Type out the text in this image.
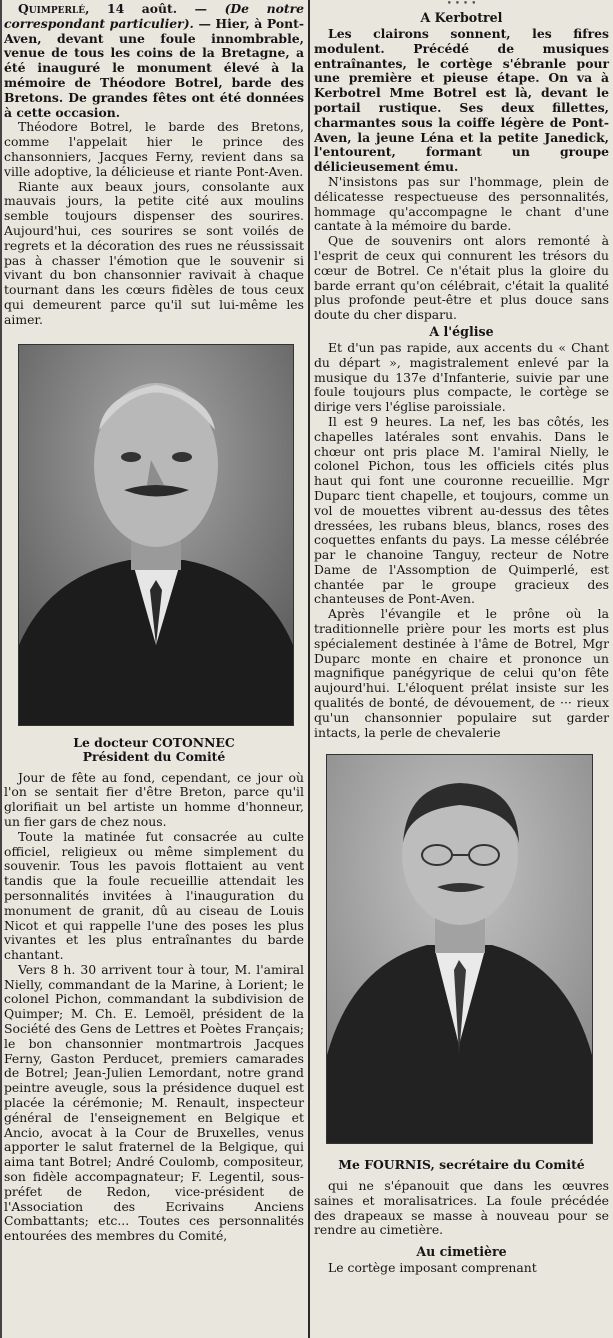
Quimperlé, 14 août. — (De notre correspondant particulier). — Hier, à Pont-Aven, devant une foule innombrable, venue de tous les coins de la Bretagne, a été inauguré le monument élevé à la mémoire de Théodore Botrel, barde des Bretons. De grandes fêtes ont été données à cette occasion.

Théodore Botrel, le barde des Bretons, comme l'appelait hier le prince des chansonniers, Jacques Ferny, revient dans sa ville adoptive, la délicieuse et riante Pont-Aven.

Riante aux beaux jours, consolante aux mauvais jours, la petite cité aux moulins semble toujours dispenser des sourires. Aujourd'hui, ces sourires se sont voilés de regrets et la décoration des rues ne réussissait pas à chasser l'émotion que le souvenir si vivant du bon chansonnier ravivait à chaque tournant dans les cœurs fidèles de tous ceux qui demeurent parce qu'il sut lui-même les aimer.

Le docteur COTONNEC
Président du Comité

Jour de fête au fond, cependant, ce jour où l'on se sentait fier d'être Breton, parce qu'il glorifiait un bel artiste un homme d'honneur, un fier gars de chez nous.

Toute la matinée fut consacrée au culte officiel, religieux ou même simplement du souvenir. Tous les pavois flottaient au vent tandis que la foule recueillie attendait les personnalités invitées à l'inauguration du monument de granit, dû au ciseau de Louis Nicot et qui rappelle l'une des poses les plus vivantes et les plus entraînantes du barde chantant.

Vers 8 h. 30 arrivent tour à tour, M. l'amiral Nielly, commandant de la Marine, à Lorient; le colonel Pichon, commandant la subdivision de Quimper; M. Ch. E. Lemoël, président de la Société des Gens de Lettres et Poètes Français; le bon chansonnier montmartrois Jacques Ferny, Gaston Perducet, premiers camarades de Botrel; Jean-Julien Lemordant, notre grand peintre aveugle, sous la présidence duquel est placée la cérémonie; M. Renault, inspecteur général de l'enseignement en Belgique et Ancio, avocat à la Cour de Bruxelles, venus apporter le salut fraternel de la Belgique, qui aima tant Botrel; André Coulomb, compositeur, son fidèle accompagnateur; F. Legentil, sous-préfet de Redon, vice-président de l'Association des Ecrivains Anciens Combattants; etc... Toutes ces personnalités entourées des membres du Comité,

• • • •
A Kerbotrel

Les clairons sonnent, les fifres modulent. Précédé de musiques entraînantes, le cortège s'ébranle pour une première et pieuse étape. On va à Kerbotrel Mme Botrel est là, devant le portail rustique. Ses deux fillettes, charmantes sous la coiffe légère de Pont-Aven, la jeune Léna et la petite Janedick, l'entourent, formant un groupe délicieusement ému.

N'insistons pas sur l'hommage, plein de délicatesse respectueuse des personnalités, hommage qu'accompagne le chant d'une cantate à la mémoire du barde.

Que de souvenirs ont alors remonté à l'esprit de ceux qui connurent les trésors du cœur de Botrel. Ce n'était plus la gloire du barde errant qu'on célébrait, c'était la qualité plus profonde peut-être et plus douce sans doute du cher disparu.

A l'église

Et d'un pas rapide, aux accents du « Chant du départ », magistralement enlevé par la musique du 137e d'Infanterie, suivie par une foule toujours plus compacte, le cortège se dirige vers l'église paroissiale.

Il est 9 heures. La nef, les bas côtés, les chapelles latérales sont envahis. Dans le chœur ont pris place M. l'amiral Nielly, le colonel Pichon, tous les officiels cités plus haut qui font une couronne recueillie. Mgr Duparc tient chapelle, et toujours, comme un vol de mouettes vibrent au-dessus des têtes dressées, les rubans bleus, blancs, roses des coquettes enfants du pays. La messe célébrée par le chanoine Tanguy, recteur de Notre Dame de l'Assomption de Quimperlé, est chantée par le groupe gracieux des chanteuses de Pont-Aven.

Après l'évangile et le prône où la traditionnelle prière pour les morts est plus spécialement destinée à l'âme de Botrel, Mgr Duparc monte en chaire et prononce un magnifique panégyrique de celui qu'on fête aujourd'hui. L'éloquent prélat insiste sur les qualités de bonté, de dévouement, de ··· rieux qu'un chansonnier populaire sut garder intacts, la perle de chevalerie

Me FOURNIS, secrétaire du Comité

qui ne s'épanouit que dans les œuvres saines et moralisatrices. La foule précédée des drapeaux se masse à nouveau pour se rendre au cimetière.

Au cimetière

Le cortège imposant comprenant
